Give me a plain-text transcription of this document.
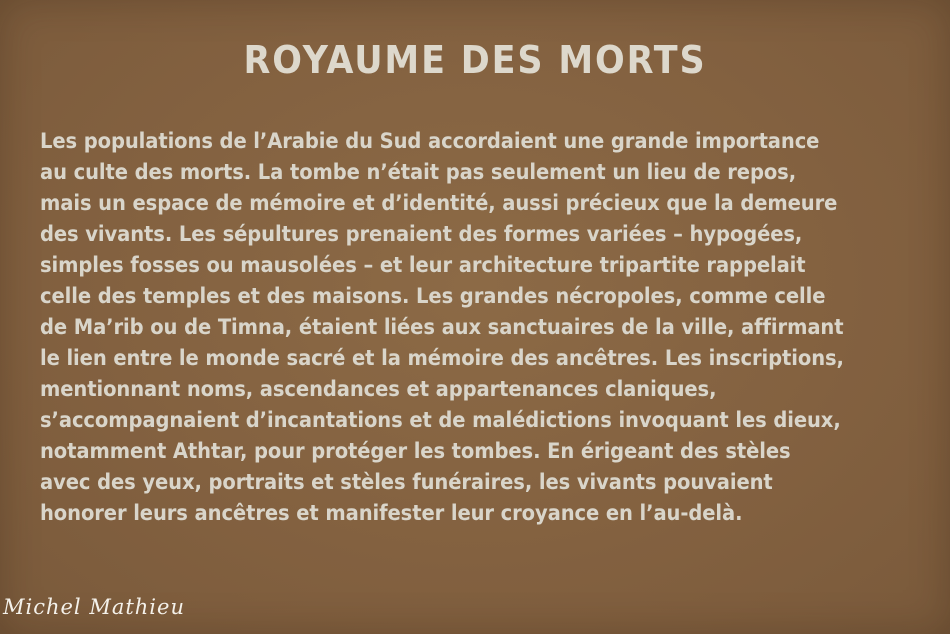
ROYAUME DES MORTS
Les populations de l’Arabie du Sud accordaient une grande importance
au culte des morts. La tombe n’était pas seulement un lieu de repos,
mais un espace de mémoire et d’identité, aussi précieux que la demeure
des vivants. Les sépultures prenaient des formes variées – hypogées,
simples fosses ou mausolées – et leur architecture tripartite rappelait
celle des temples et des maisons. Les grandes nécropoles, comme celle
de Ma’rib ou de Timna, étaient liées aux sanctuaires de la ville, affirmant
le lien entre le monde sacré et la mémoire des ancêtres. Les inscriptions,
mentionnant noms, ascendances et appartenances claniques,
s’accompagnaient d’incantations et de malédictions invoquant les dieux,
notamment Athtar, pour protéger les tombes. En érigeant des stèles
avec des yeux, portraits et stèles funéraires, les vivants pouvaient
honorer leurs ancêtres et manifester leur croyance en l’au-delà.
Michel Mathieu
